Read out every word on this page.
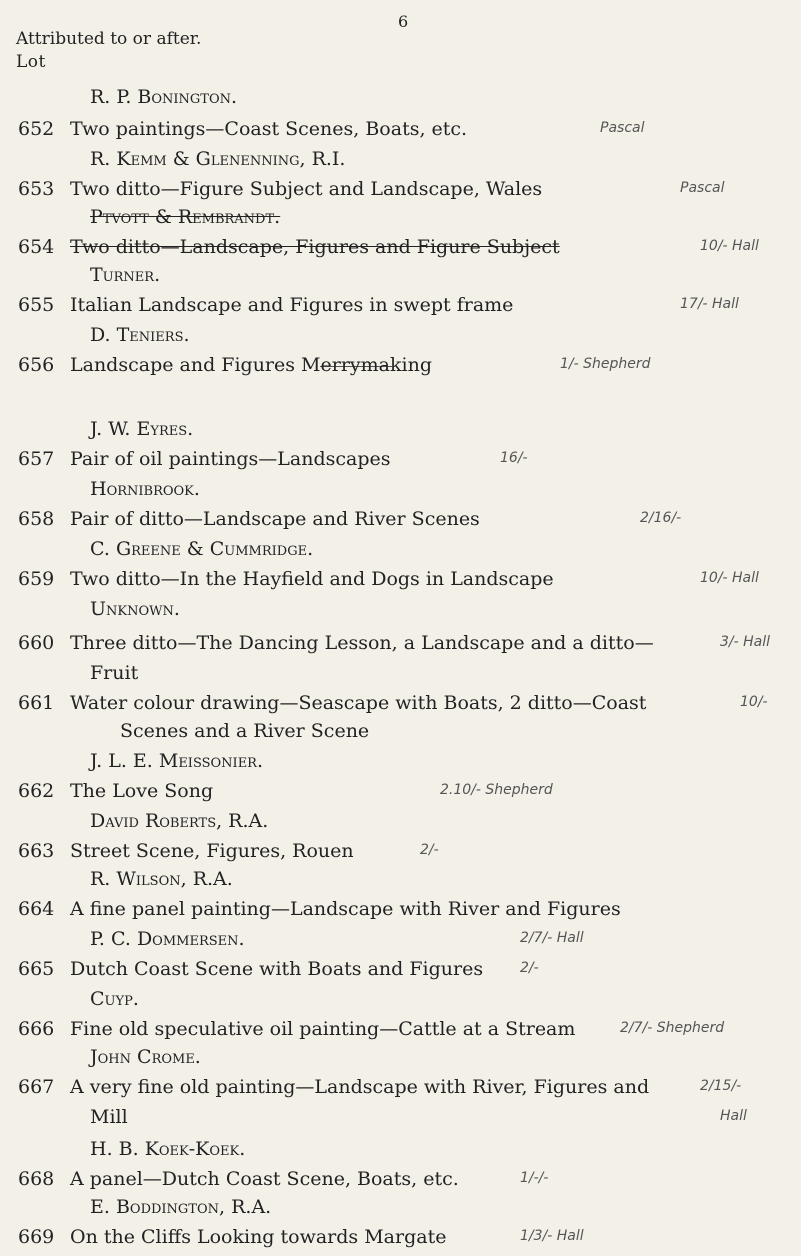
6
Attributed to or after.
Lot
R. P. Bonington.
652 Two paintings—Coast Scenes, Boats, etc.	Pascal
R. Kemm & Glenenning, R.I.
653 Two ditto—Figure Subject and Landscape, Wales	Pascal
Ptvott & Rembrandt.
654 Two ditto—Landscape, Figures and Figure Subject	10/- Hall
Turner.
655 Italian Landscape and Figures in swept frame	17/- Hall
D. Teniers.
656 Landscape and Figures Merrymaking	1/- Shepherd
J. W. Eyres.
657 Pair of oil paintings—Landscapes	16/-
Hornibrook.
658 Pair of ditto—Landscape and River Scenes	2/16/-
C. Greene & Cummridge.
659 Two ditto—In the Hayfield and Dogs in Landscape	10/- Hall
Unknown.
660 Three ditto—The Dancing Lesson, a Landscape and a ditto—	3/- Hall
Fruit
661 Water colour drawing—Seascape with Boats, 2 ditto—Coast	10/-
Scenes and a River Scene
J. L. E. Meissonier.
662 The Love Song	2.10/- Shepherd
David Roberts, R.A.
663 Street Scene, Figures, Rouen	2/-
R. Wilson, R.A.
664 A fine panel painting—Landscape with River and Figures
P. C. Dommersen.	2/7/- Hall
665 Dutch Coast Scene with Boats and Figures	2/-
Cuyp.
666 Fine old speculative oil painting—Cattle at a Stream	2/7/- Shepherd
John Crome.
667 A very fine old painting—Landscape with River, Figures and	2/15/-
Mill	Hall
H. B. Koek-Koek.
668 A panel—Dutch Coast Scene, Boats, etc.	1/-/-
E. Boddington, R.A.
669 On the Cliffs Looking towards Margate	1/3/- Hall
